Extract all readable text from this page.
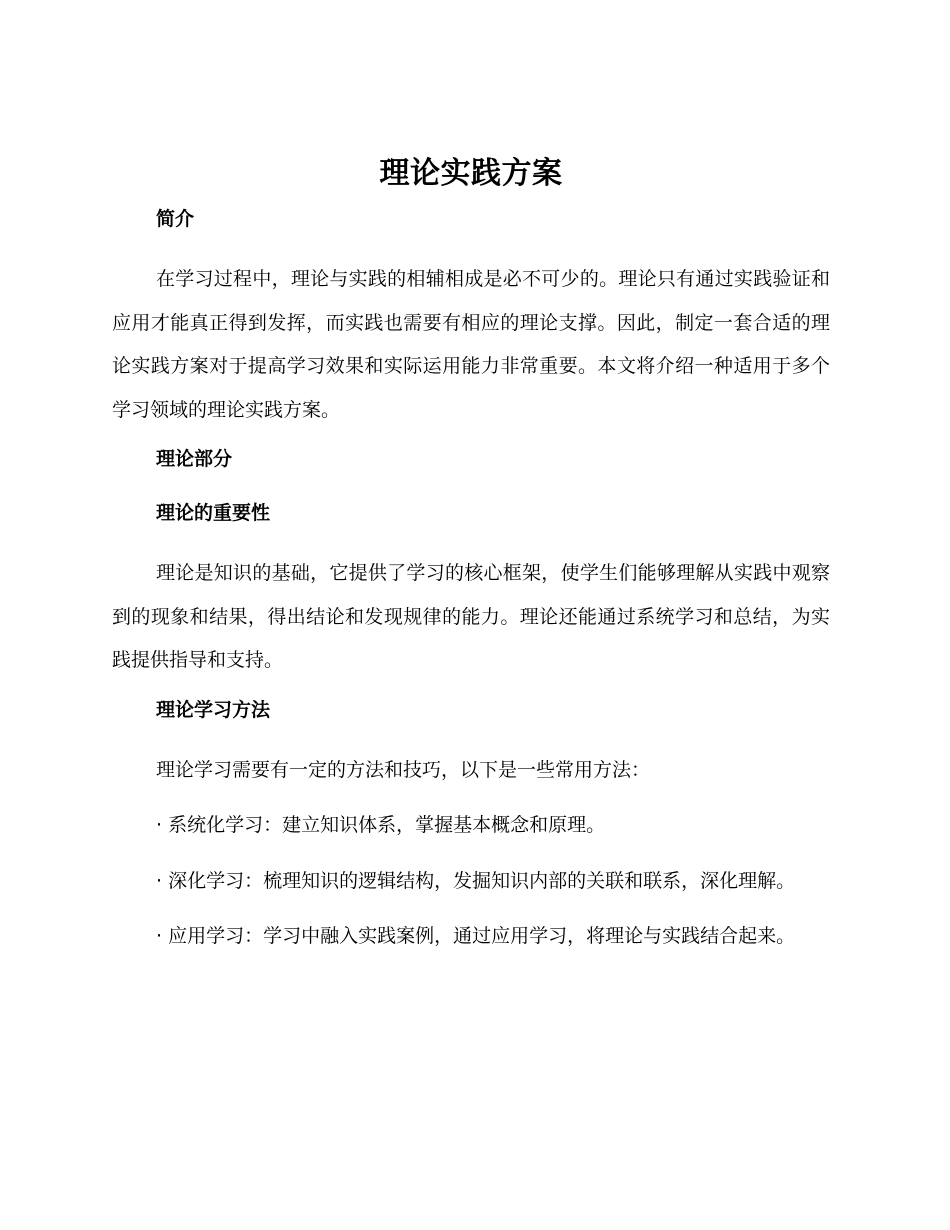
理论实践方案
简介

在学习过程中，理论与实践的相辅相成是必不可少的。理论只有通过实践验证和应用才能真正得到发挥，而实践也需要有相应的理论支撑。因此，制定一套合适的理论实践方案对于提高学习效果和实际运用能力非常重要。本文将介绍一种适用于多个学习领域的理论实践方案。

理论部分
理论的重要性

理论是知识的基础，它提供了学习的核心框架，使学生们能够理解从实践中观察到的现象和结果，得出结论和发现规律的能力。理论还能通过系统学习和总结，为实践提供指导和支持。

理论学习方法

理论学习需要有一定的方法和技巧，以下是一些常用方法：

· 系统化学习：建立知识体系，掌握基本概念和原理。

· 深化学习：梳理知识的逻辑结构，发掘知识内部的关联和联系，深化理解。

· 应用学习：学习中融入实践案例，通过应用学习，将理论与实践结合起来。
